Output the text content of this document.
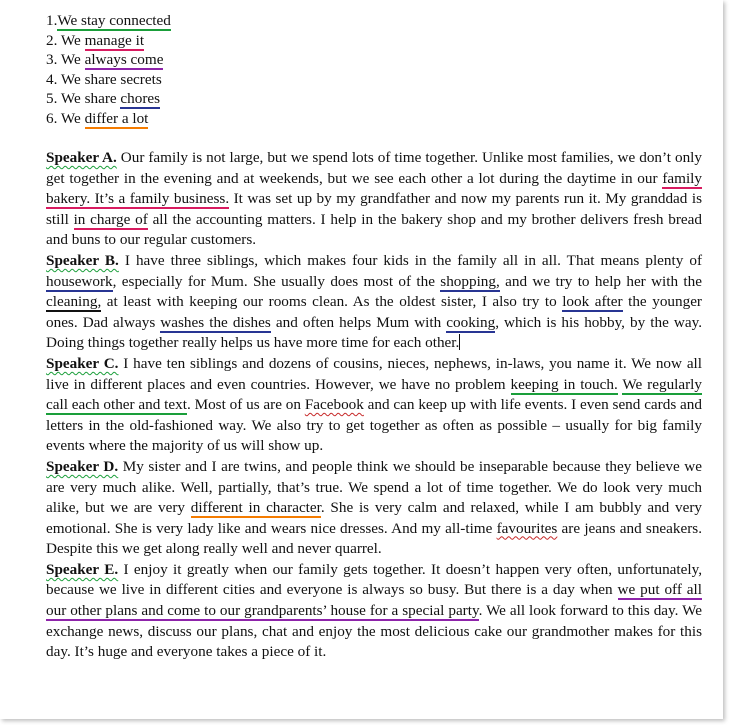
1.We stay connected
2. We manage it
3. We always come
4. We share secrets
5. We share chores
6. We differ a lot

Speaker A. Our family is not large, but we spend lots of time together. Unlike most families, we don’t only get together in the evening and at weekends, but we see each other a lot during the daytime in our family bakery. It’s a family business. It was set up by my grandfather and now my parents run it. My granddad is still in charge of all the accounting matters. I help in the bakery shop and my brother delivers fresh bread and buns to our regular customers.

Speaker B. I have three siblings, which makes four kids in the family all in all. That means plenty of housework, especially for Mum. She usually does most of the shopping, and we try to help her with the cleaning, at least with keeping our rooms clean. As the oldest sister, I also try to look after the younger ones. Dad always washes the dishes and often helps Mum with cooking, which is his hobby, by the way. Doing things together really helps us have more time for each other.

Speaker C. I have ten siblings and dozens of cousins, nieces, nephews, in-laws, you name it. We now all live in different places and even countries. However, we have no problem keeping in touch. We regularly call each other and text. Most of us are on Facebook and can keep up with life events. I even send cards and letters in the old-fashioned way. We also try to get together as often as possible – usually for big family events where the majority of us will show up.

Speaker D. My sister and I are twins, and people think we should be inseparable because they believe we are very much alike. Well, partially, that’s true. We spend a lot of time together. We do look very much alike, but we are very different in character. She is very calm and relaxed, while I am bubbly and very emotional. She is very lady like and wears nice dresses. And my all-time favourites are jeans and sneakers. Despite this we get along really well and never quarrel.

Speaker E. I enjoy it greatly when our family gets together. It doesn’t happen very often, unfortunately, because we live in different cities and everyone is always so busy. But there is a day when we put off all our other plans and come to our grandparents’ house for a special party. We all look forward to this day. We exchange news, discuss our plans, chat and enjoy the most delicious cake our grandmother makes for this day. It’s huge and everyone takes a piece of it.
